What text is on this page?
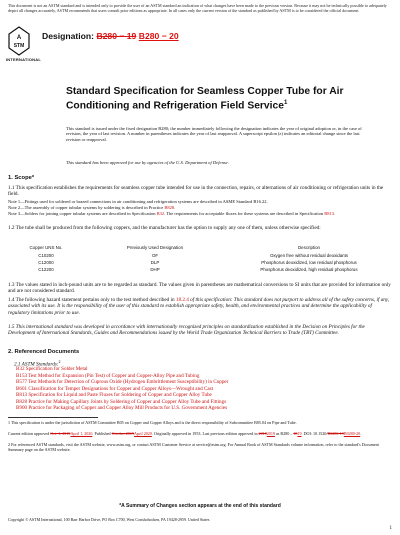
This document is not an ASTM standard and is intended only to provide the user of an ASTM standard an indication of what changes have been made to the previous version. Because it may not be technically possible to adequately depict all changes accurately, ASTM recommends that users consult prior editions as appropriate. In all cases only the current version of the standard as published by ASTM is to be considered the official document.
A
STM
INTERNATIONAL
Designation: B280 − 19 B280 − 20
Standard Specification for Seamless Copper Tube for Air Conditioning and Refrigeration Field Service$^1$
This standard is issued under the fixed designation B280; the number immediately following the designation indicates the year of original adoption or, in the case of revision, the year of last revision. A number in parentheses indicates the year of last reapproval. A superscript epsilon (ε) indicates an editorial change since the last revision or reapproval.
This standard has been approved for use by agencies of the U.S. Department of Defense.
1. Scope*
1.1 This specification establishes the requirements for seamless copper tube intended for use in the connection, repairs, or alternations of air conditioning or refrigeration units in the field.
Note 1—Fittings used for soldered or brazed connections in air conditioning and refrigeration systems are described in ASME Standard B16.22.
Note 2—The assembly of copper tubular systems by soldering is described in Practice B828.
Note 3—Solders for joining copper tubular systems are described in Specification B32. The requirements for acceptable fluxes for these systems are described in Specification B813.
1.2 The tube shall be produced from the following coppers, and the manufacturer has the option to supply any one of them, unless otherwise specified:
Copper UNS No.	Previously Used Designation	Description
C10200	OF	Oxygen free without residual deoxidants
C12000	DLP	Phosphorus deoxidized, low residual phosphorus
C12200	DHP	Phosphorus deoxidized, high residual phosphorus
1.3 The values stated in inch-pound units are to be regarded as standard. The values given in parentheses are mathematical conversions to SI units that are provided for information only and are not considered standard.
1.4 The following hazard statement pertains only to the test method described in 18.2.4 of this specification: This standard does not purport to address all of the safety concerns, if any, associated with its use. It is the responsibility of the user of this standard to establish appropriate safety, health, and environmental practices and determine the applicability of regulatory limitations prior to use.
1.5 This international standard was developed in accordance with internationally recognized principles on standardization established in the Decision on Principles for the Development of International Standards, Guides and Recommendations issued by the World Trade Organization Technical Barriers to Trade (TBT) Committee.
2. Referenced Documents
2.1 ASTM Standards:$^2$
B32 Specification for Solder Metal
B153 Test Method for Expansion (Pin Test) of Copper and Copper-Alloy Pipe and Tubing
B577 Test Methods for Detection of Cuprous Oxide (Hydrogen Embrittlement Susceptibility) in Copper
B601 Classification for Temper Designations for Copper and Copper Alloys—Wrought and Cast
B813 Specification for Liquid and Paste Fluxes for Soldering of Copper and Copper Alloy Tube
B828 Practice for Making Capillary Joints by Soldering of Copper and Copper Alloy Tube and Fittings
B900 Practice for Packaging of Copper and Copper Alloy Mill Products for U.S. Government Agencies
1 This specification is under the jurisdiction of ASTM Committee B05 on Copper and Copper Alloys and is the direct responsibility of Subcommittee B05.04 on Pipe and Tube.
Current edition approved Oct. 1, 2019April 1, 2020. Published October 2019April 2020. Originally approved in 1953. Last previous edition approved in 20182019 as B280 – 1819. DOI: 10.1520/B0280-19B0280-20.
2 For referenced ASTM standards, visit the ASTM website, www.astm.org, or contact ASTM Customer Service at service@astm.org. For Annual Book of ASTM Standards volume information, refer to the standard's Document Summary page on the ASTM website.
*A Summary of Changes section appears at the end of this standard
Copyright © ASTM International, 100 Barr Harbor Drive, PO Box C700, West Conshohocken, PA 19428-2959. United States
1
